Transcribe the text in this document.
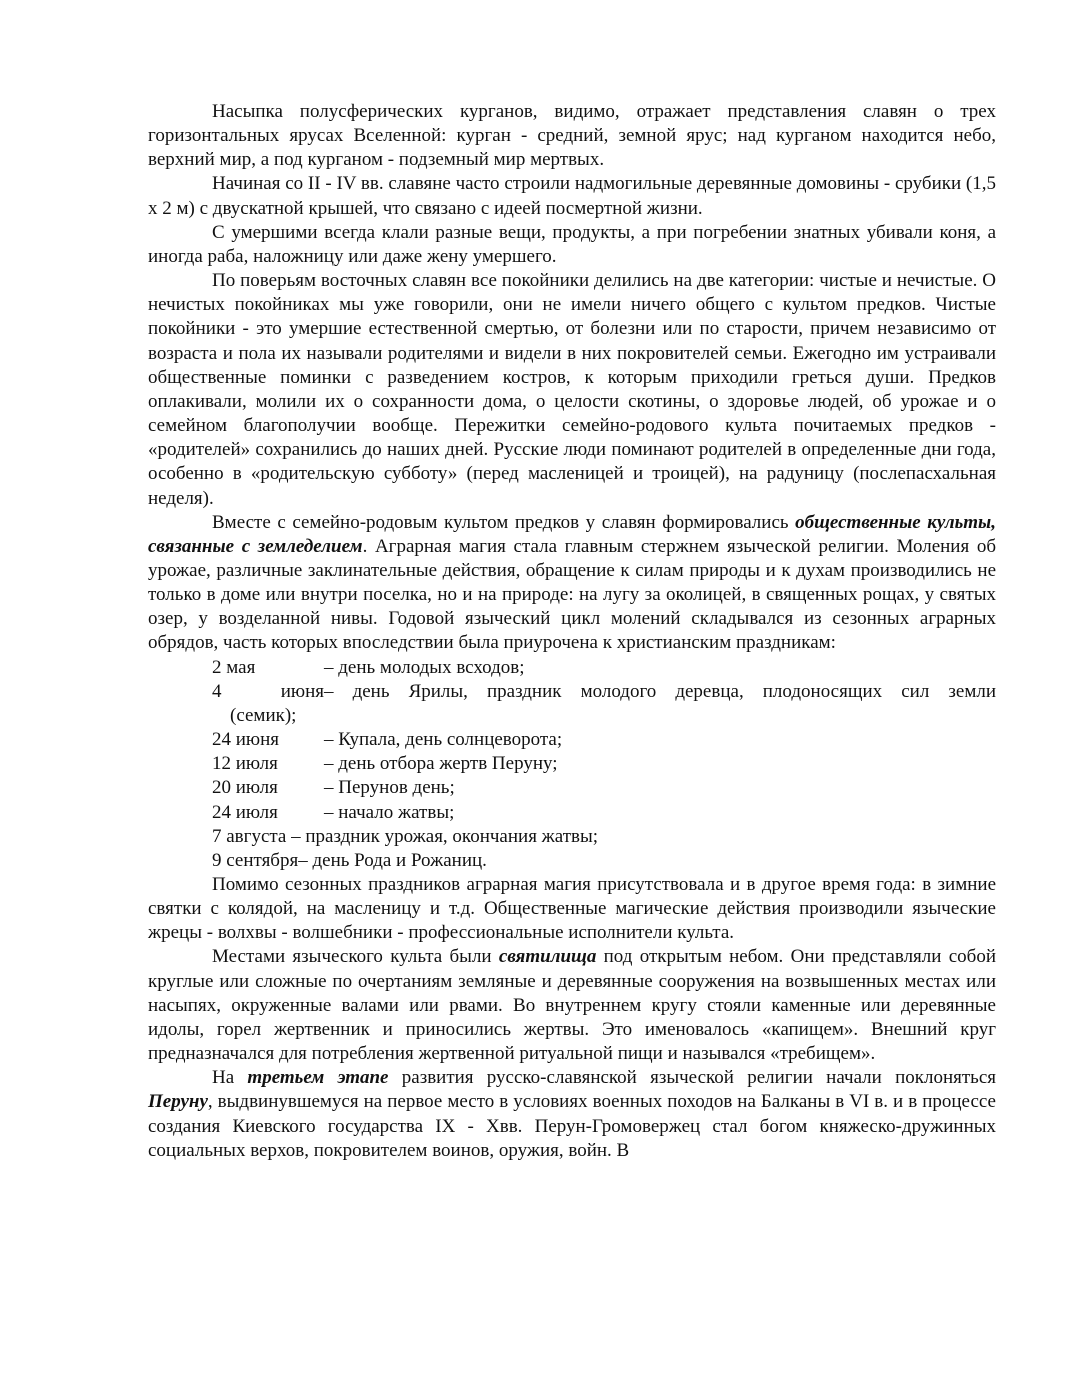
Насыпка полусферических курганов, видимо, отражает представления славян о трех горизонтальных ярусах Вселенной: курган - средний, земной ярус; над курганом находится небо, верхний мир, а под курганом - подземный мир мертвых.

Начиная со II - IV вв. славяне часто строили надмогильные деревянные домовины - срубики (1,5 х 2 м) с двускатной крышей, что связано с идеей посмертной жизни.

С умершими всегда клали разные вещи, продукты, а при погребении знатных убивали коня, а иногда раба, наложницу или даже жену умершего.

По поверьям восточных славян все покойники делились на две категории: чистые и нечистые. О нечистых покойниках мы уже говорили, они не имели ничего общего с культом предков. Чистые покойники - это умершие естественной смертью, от болезни или по старости, причем независимо от возраста и пола их называли родителями и видели в них покровителей семьи. Ежегодно им устраивали общественные поминки с разведением костров, к которым приходили греться души. Предков оплакивали, молили их о сохранности дома, о целости скотины, о здоровье людей, об урожае и о семейном благополучии вообще. Пережитки семейно-родового культа почитаемых предков - «родителей» сохранились до наших дней. Русские люди поминают родителей в определенные дни года, особенно в «родительскую субботу» (перед масленицей и троицей), на радуницу (послепасхальная неделя).

Вместе с семейно-родовым культом предков у славян формировались общественные культы, связанные с земледелием. Аграрная магия стала главным стержнем языческой религии. Моления об урожае, различные заклинательные действия, обращение к силам природы и к духам производились не только в доме или внутри поселка, но и на природе: на лугу за околицей, в священных рощах, у святых озер, у возделанной нивы. Годовой языческий цикл молений складывался из сезонных аграрных обрядов, часть которых впоследствии была приурочена к христианским праздникам:

2 мая	– день молодых всходов;
4 июня– день Ярилы, праздник молодого деревца, плодоносящих сил земли
(семик);
24 июня – Купала, день солнцеворота;
12 июля – день отбора жертв Перуну;
20 июля – Перунов день;
24 июля – начало жатвы;
7 августа – праздник урожая, окончания жатвы;
9 сентября– день Рода и Рожаниц.

Помимо сезонных праздников аграрная магия присутствовала и в другое время года: в зимние святки с колядой, на масленицу и т.д. Общественные магические действия производили языческие жрецы - волхвы - волшебники - профессиональные исполнители культа.

Местами языческого культа были святилища под открытым небом. Они представляли собой круглые или сложные по очертаниям земляные и деревянные сооружения на возвышенных местах или насыпях, окруженные валами или рвами. Во внутреннем кругу стояли каменные или деревянные идолы, горел жертвенник и приносились жертвы. Это именовалось «капищем». Внешний круг предназначался для потребления жертвенной ритуальной пищи и назывался «требищем».

На третьем этапе развития русско-славянской языческой религии начали поклоняться Перуну, выдвинувшемуся на первое место в условиях военных походов на Балканы в VI в. и в процессе создания Киевского государства IX - Хвв. Перун-Громовержец стал богом княжеско-дружинных социальных верхов, покровителем воинов, оружия, войн. В
